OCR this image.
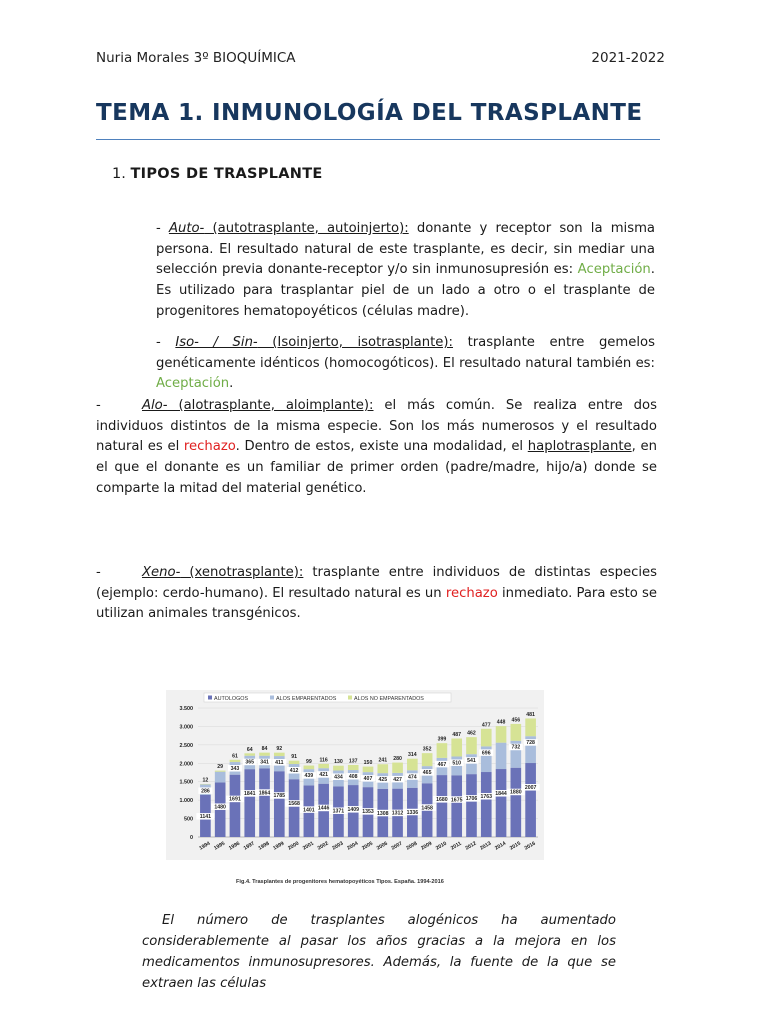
Nuria Morales 3º BIOQUÍMICA	2021-2022
TEMA 1. INMUNOLOGÍA DEL TRASPLANTE
1. TIPOS DE TRASPLANTE
- Auto- (autotrasplante, autoinjerto): donante y receptor son la misma persona. El resultado natural de este trasplante, es decir, sin mediar una selección previa donante-receptor y/o sin inmunosupresión es: Aceptación. Es utilizado para trasplantar piel de un lado a otro o el trasplante de progenitores hematopoyéticos (células madre).
- Iso- / Sin- (Isoinjerto, isotrasplante): trasplante entre gemelos genéticamente idénticos (homocogóticos). El resultado natural también es: Aceptación.
-	Alo- (alotrasplante, aloimplante): el más común. Se realiza entre dos individuos distintos de la misma especie. Son los más numerosos y el resultado natural es el rechazo. Dentro de estos, existe una modalidad, el haplotrasplante, en el que el donante es un familiar de primer orden (padre/madre, hijo/a) donde se comparte la mitad del material genético.
-	Xeno- (xenotrasplante): trasplante entre individuos de distintas especies (ejemplo: cerdo-humano). El resultado natural es un rechazo inmediato. Para esto se utilizan animales transgénicos.
AUTOLOGOS	ALOS EMPARENTADOS	ALOS NO EMPARENTADOS
1141
286
12
1480
29
1691
343
61
1841
365
64
1864
341
84
1785
411
92
1568
412
91
1401
439
99
1446
421
116
1371
434
130
1409
408
137
1353
407
150
1308
425
241
1312
427
280
1336
474
314
1458
465
352
1680
467
399
1675
510
487
1706
541
462
1763
696
477
1844
448
1880
732
456
2007
728
481
1994 1995 1996 1997 1998 1999 2000 2001 2002 2003 2004 2005 2006 2007 2008 2009 2010 2011 2012 2013 2014 2015 2016
0
500
1.000
1.500
2.000
2.500
3.000
3.500
Fig.4. Trasplantes de progenitores hematopoyéticos Tipos. España. 1994-2016
El número de trasplantes alogénicos ha aumentado considerablemente al pasar los años gracias a la mejora en los medicamentos inmunosupresores. Además, la fuente de la que se extraen las células
